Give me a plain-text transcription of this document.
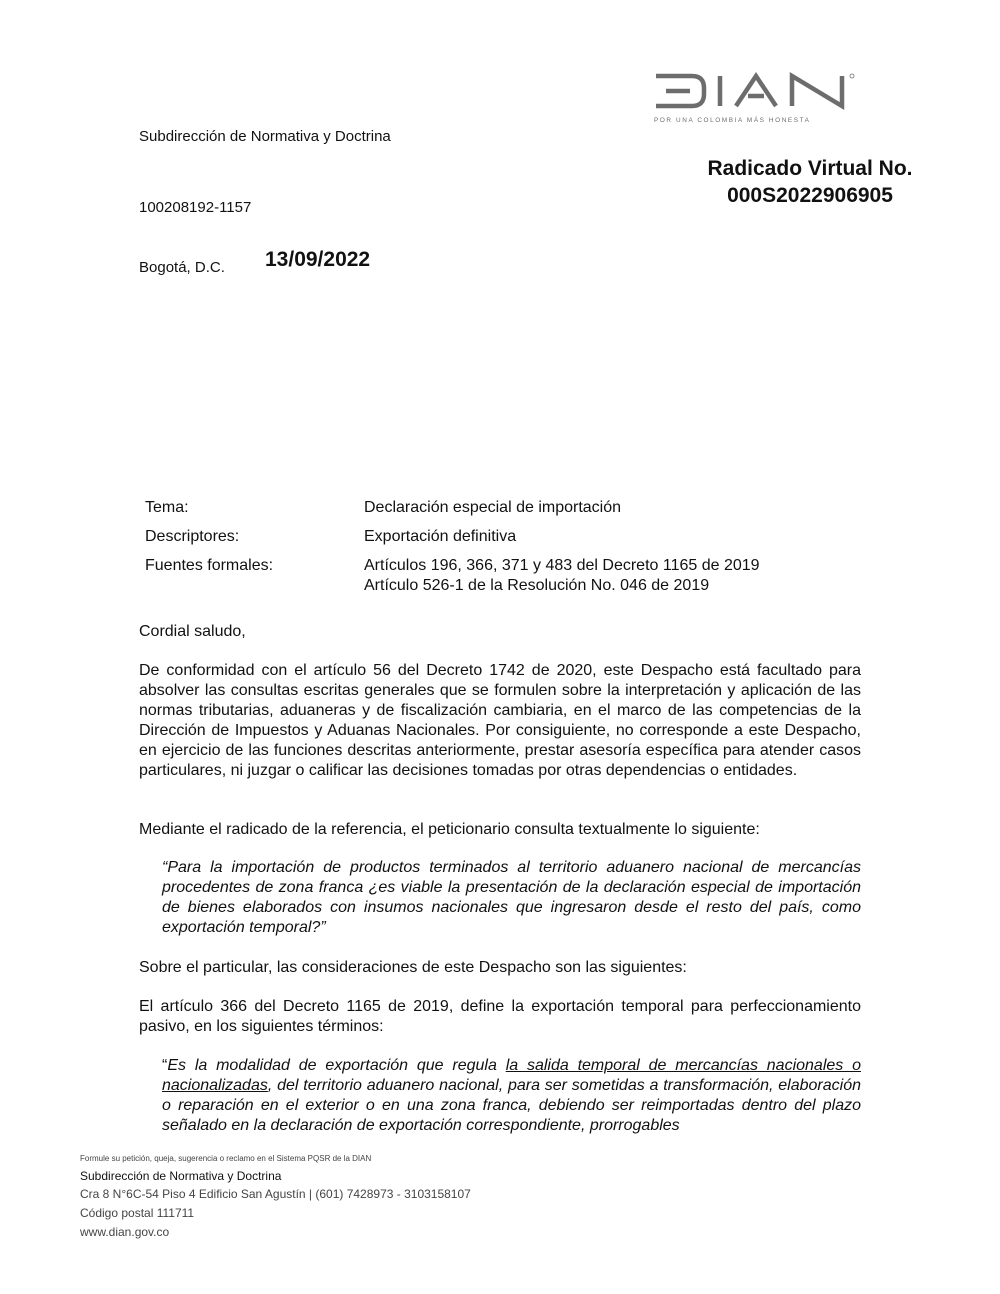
POR UNA COLOMBIA MÁS HONESTA
Subdirección de Normativa y Doctrina
Radicado Virtual No.
000S2022906905
100208192-1157
Bogotá, D.C. 13/09/2022
Tema:	Declaración especial de importación
Descriptores:	Exportación definitiva
Fuentes formales:	Artículos 196, 366, 371 y 483 del Decreto 1165 de 2019
Artículo 526-1 de la Resolución No. 046 de 2019
Cordial saludo,
De conformidad con el artículo 56 del Decreto 1742 de 2020, este Despacho está facultado para absolver las consultas escritas generales que se formulen sobre la interpretación y aplicación de las normas tributarias, aduaneras y de fiscalización cambiaria, en el marco de las competencias de la Dirección de Impuestos y Aduanas Nacionales. Por consiguiente, no corresponde a este Despacho, en ejercicio de las funciones descritas anteriormente, prestar asesoría específica para atender casos particulares, ni juzgar o calificar las decisiones tomadas por otras dependencias o entidades.
Mediante el radicado de la referencia, el peticionario consulta textualmente lo siguiente:
“Para la importación de productos terminados al territorio aduanero nacional de mercancías procedentes de zona franca ¿es viable la presentación de la declaración especial de importación de bienes elaborados con insumos nacionales que ingresaron desde el resto del país, como exportación temporal?”
Sobre el particular, las consideraciones de este Despacho son las siguientes:
El artículo 366 del Decreto 1165 de 2019, define la exportación temporal para perfeccionamiento pasivo, en los siguientes términos:
“Es la modalidad de exportación que regula la salida temporal de mercancías nacionales o nacionalizadas, del territorio aduanero nacional, para ser sometidas a transformación, elaboración o reparación en el exterior o en una zona franca, debiendo ser reimportadas dentro del plazo señalado en la declaración de exportación correspondiente, prorrogables
Formule su petición, queja, sugerencia o reclamo en el Sistema PQSR de la DIAN
Subdirección de Normativa y Doctrina
Cra 8 N°6C-54 Piso 4 Edificio San Agustín | (601) 7428973 - 3103158107
Código postal 111711
www.dian.gov.co
